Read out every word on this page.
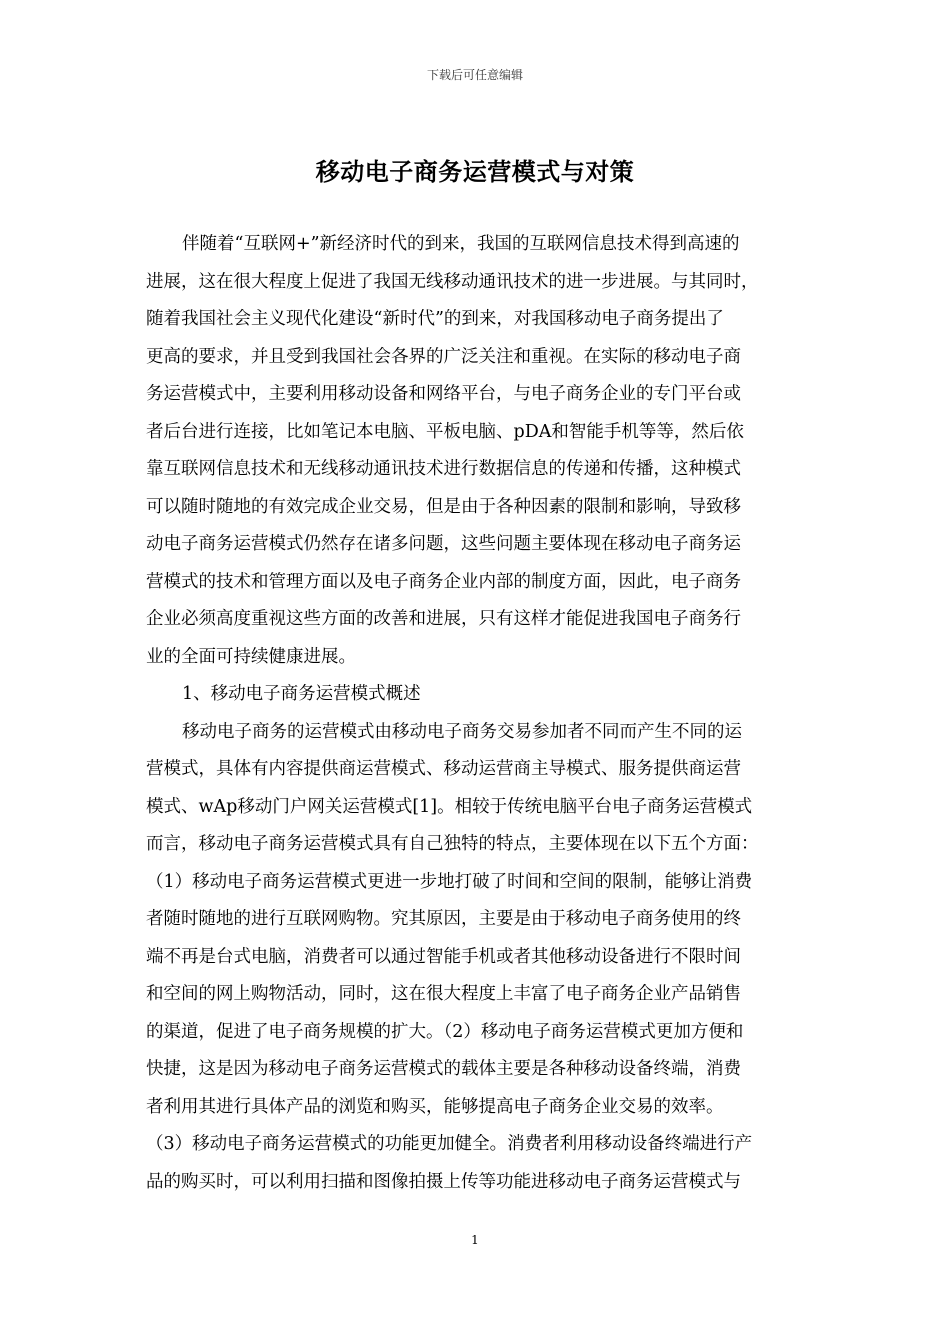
下载后可任意编辑
移动电子商务运营模式与对策
伴随着“互联网+”新经济时代的到来，我国的互联网信息技术得到高速的
进展，这在很大程度上促进了我国无线移动通讯技术的进一步进展。与其同时，
随着我国社会主义现代化建设“新时代”的到来，对我国移动电子商务提出了
更高的要求，并且受到我国社会各界的广泛关注和重视。在实际的移动电子商
务运营模式中，主要利用移动设备和网络平台，与电子商务企业的专门平台或
者后台进行连接，比如笔记本电脑、平板电脑、pDA和智能手机等等，然后依
靠互联网信息技术和无线移动通讯技术进行数据信息的传递和传播，这种模式
可以随时随地的有效完成企业交易，但是由于各种因素的限制和影响，导致移
动电子商务运营模式仍然存在诸多问题，这些问题主要体现在移动电子商务运
营模式的技术和管理方面以及电子商务企业内部的制度方面，因此，电子商务
企业必须高度重视这些方面的改善和进展，只有这样才能促进我国电子商务行
业的全面可持续健康进展。
1、移动电子商务运营模式概述
移动电子商务的运营模式由移动电子商务交易参加者不同而产生不同的运
营模式，具体有内容提供商运营模式、移动运营商主导模式、服务提供商运营
模式、wAp移动门户网关运营模式[1]。相较于传统电脑平台电子商务运营模式
而言，移动电子商务运营模式具有自己独特的特点，主要体现在以下五个方面：
（1）移动电子商务运营模式更进一步地打破了时间和空间的限制，能够让消费
者随时随地的进行互联网购物。究其原因，主要是由于移动电子商务使用的终
端不再是台式电脑，消费者可以通过智能手机或者其他移动设备进行不限时间
和空间的网上购物活动，同时，这在很大程度上丰富了电子商务企业产品销售
的渠道，促进了电子商务规模的扩大。（2）移动电子商务运营模式更加方便和
快捷，这是因为移动电子商务运营模式的载体主要是各种移动设备终端，消费
者利用其进行具体产品的浏览和购买，能够提高电子商务企业交易的效率。
（3）移动电子商务运营模式的功能更加健全。消费者利用移动设备终端进行产
品的购买时，可以利用扫描和图像拍摄上传等功能进移动电子商务运营模式与
1
